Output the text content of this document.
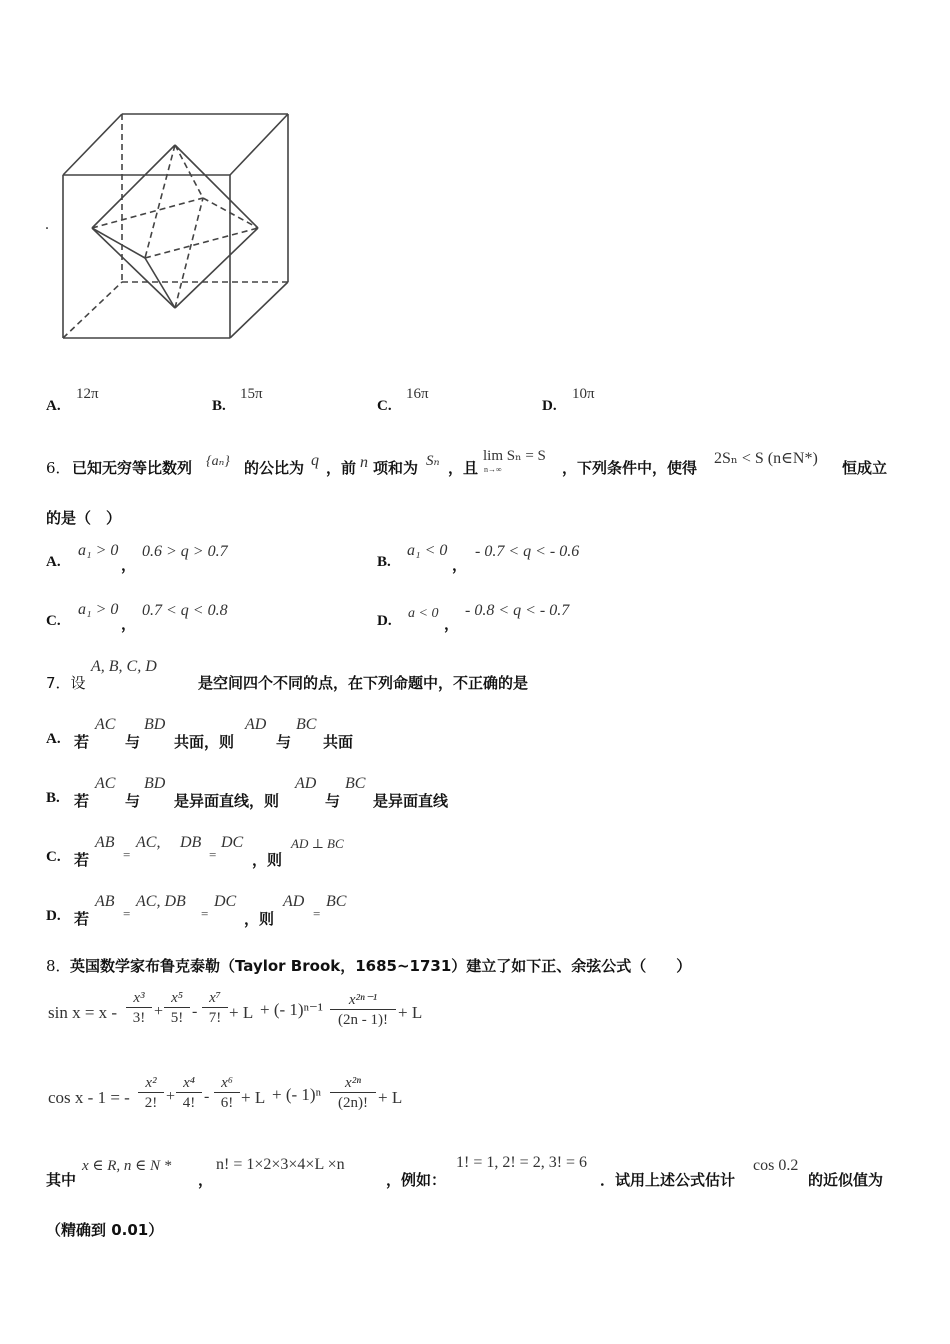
.
A.
12π
B.
15π
C.
16π
D.
10π
6． 已知无穷等比数列 {aₙ} 的公比为 q ，前 n 项和为 Sₙ ，且
lim Sₙ = S
n→∞	，下列条件中，使得
2Sₙ < S (n∈N*)
恒成立
的是（　）
A.
a₁ > 0
，
0.6 > q > 0.7
B.
a₁ < 0
，
- 0.7 < q < - 0.6
C.
a₁ > 0
，
0.7 < q < 0.8
D. a < 0
，
- 0.8 < q < - 0.7
7．设
A, B, C, D
是空间四个不同的点，在下列命题中，不正确的是
A. 若
AC
与
BD
共面，则
AD
与
BC
共面
B. 若
AC
与
BD
是异面直线，则
AD
与
BC
是异面直线
C. 若
AB
=
AC, DB
=
DC
，则
AD ⊥ BC
D. 若
AB
=
AC, DB
=
DC
，则
AD
=
BC
8． 英国数学家布鲁克泰勒（Taylor Brook，1685~1731）建立了如下正、余弦公式（　　）
$\sin x = x - \frac{\text{x³}}{3!} + \frac{\text{x⁵}}{5!} - \frac{\text{x⁷}}{7!} + L$ + (- $1)^{n-1} \frac{\text{x²ⁿ⁻¹}}{(2n - 1)!} + L$
cos x - 1 = - $\frac{\text{x²}}{2!} + \frac{\text{x⁴}}{4!} - \frac{\text{x⁶}}{6!} + L$ + (- $1)^n \frac{\text{x²ⁿ}}{(2n)!} + L$
其中
x ∈ R, n ∈ N *
，
n! = 1×2×3×4×L ×n
，例如：
1! = 1, 2! = 2, 3! = 6
．试用上述公式估计
cos 0.2
的近似值为
（精确到 0.01）
